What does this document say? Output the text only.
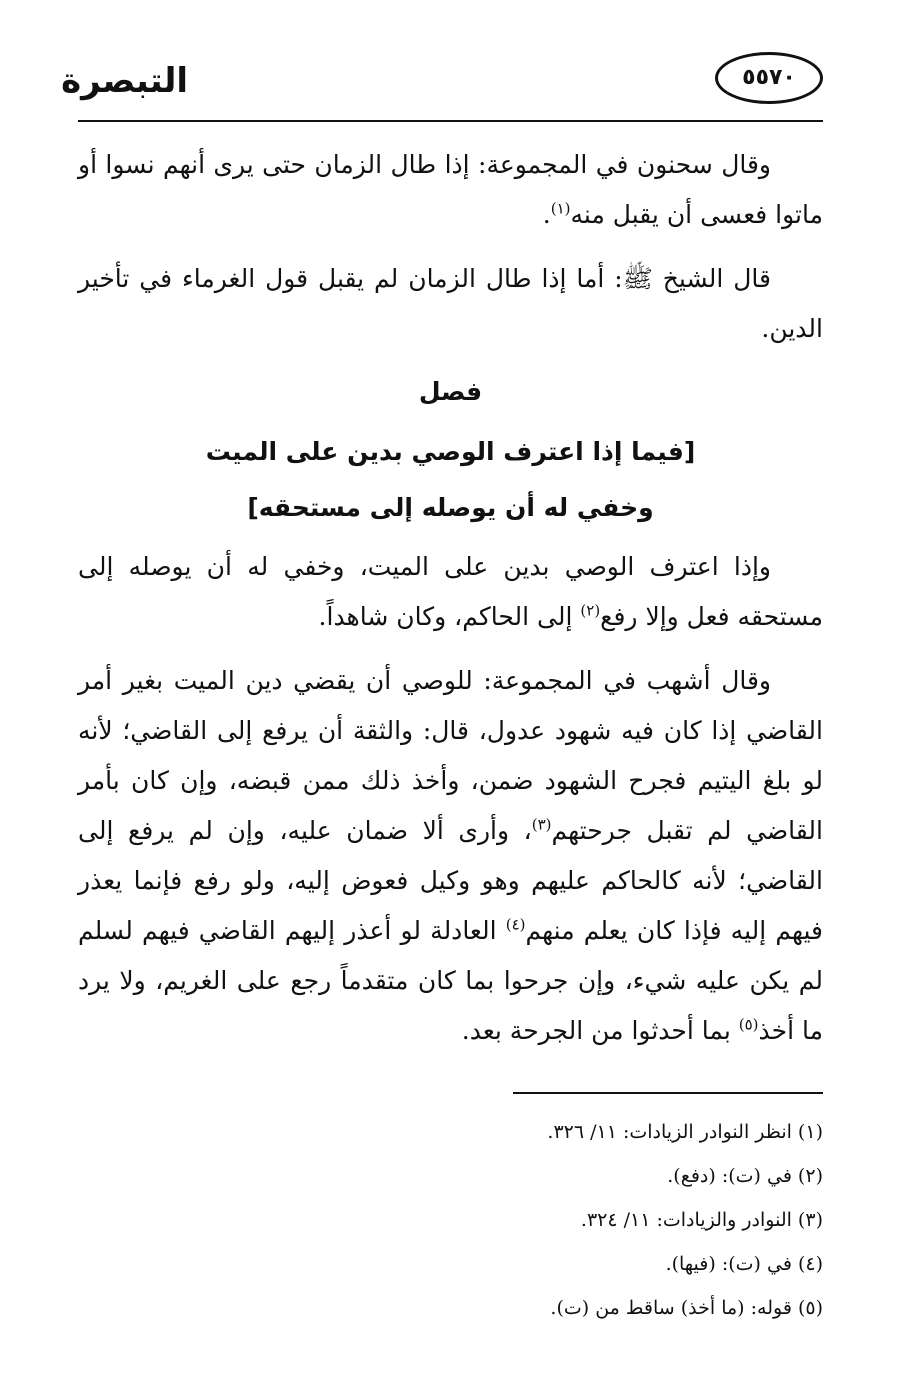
التبصرة	٥٥٧٠

وقال سحنون في المجموعة: إذا طال الزمان حتى يرى أنهم نسوا أو ماتوا فعسى أن يقبل منه$^{(١)}$.

قال الشيخ ﷺ: أما إذا طال الزمان لم يقبل قول الغرماء في تأخير الدين.

فصل
[فيما إذا اعترف الوصي بدين على الميت
وخفي له أن يوصله إلى مستحقه]

وإذا اعترف الوصي بدين على الميت، وخفي له أن يوصله إلى مستحقه فعل وإلا رفع$^{(٢)}$ إلى الحاكم، وكان شاهداً.

وقال أشهب في المجموعة: للوصي أن يقضي دين الميت بغير أمر القاضي إذا كان فيه شهود عدول، قال: والثقة أن يرفع إلى القاضي؛ لأنه لو بلغ اليتيم فجرح الشهود ضمن، وأخذ ذلك ممن قبضه، وإن كان بأمر القاضي لم تقبل جرحتهم$^{(٣)}$، وأرى ألا ضمان عليه، وإن لم يرفع إلى القاضي؛ لأنه كالحاكم عليهم وهو وكيل فعوض إليه، ولو رفع فإنما يعذر فيهم إليه فإذا كان يعلم منهم$^{(٤)}$ العادلة لو أعذر إليهم القاضي فيهم لسلم لم يكن عليه شيء، وإن جرحوا بما كان متقدماً رجع على الغريم، ولا يرد ما أخذ$^{(٥)}$ بما أحدثوا من الجرحة بعد.

(١) انظر النوادر الزيادات: ١١/ ٣٢٦.

(٢) في (ت): (دفع).

(٣) النوادر والزيادات: ١١/ ٣٢٤.

(٤) في (ت): (فيها).

(٥) قوله: (ما أخذ) ساقط من (ت).
